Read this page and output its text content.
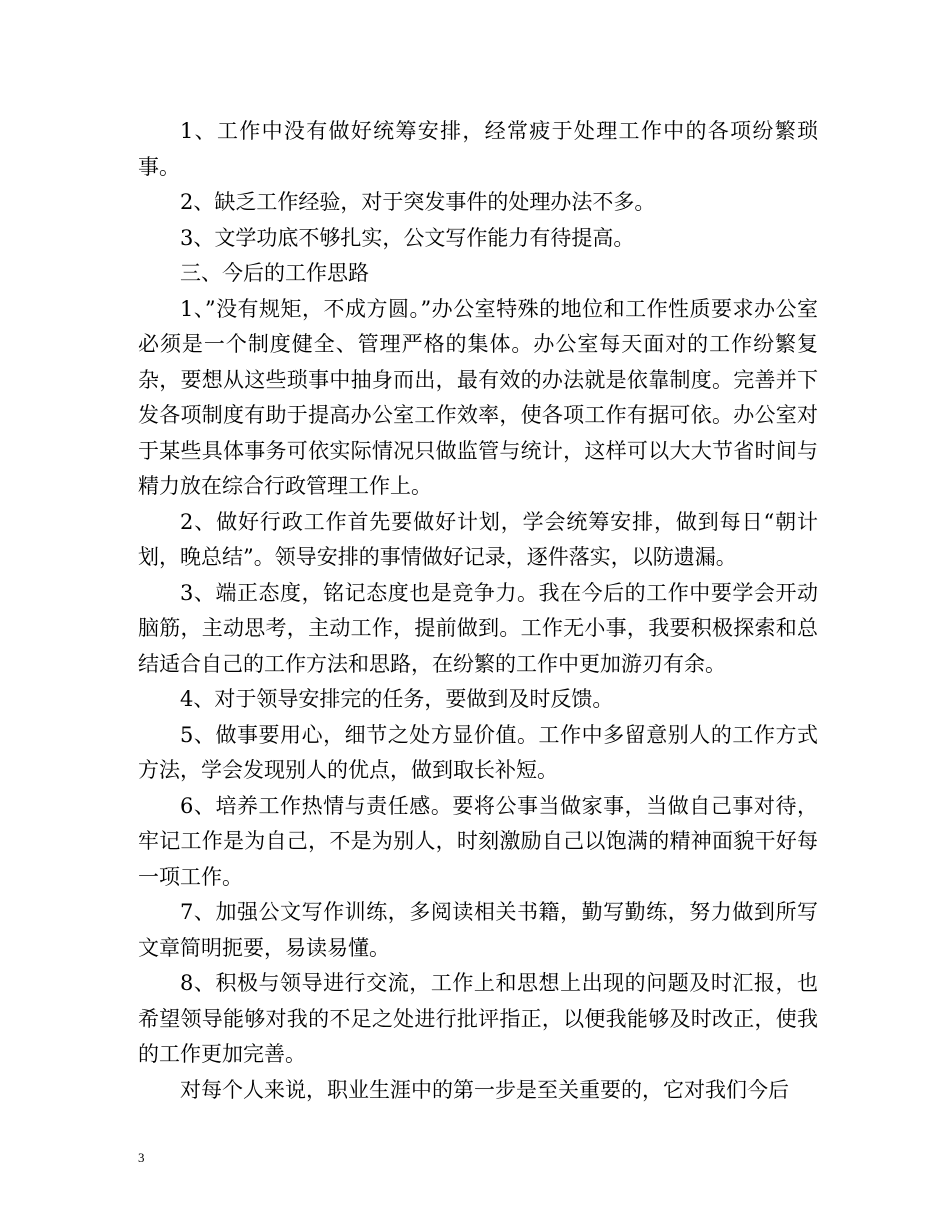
1、工作中没有做好统筹安排，经常疲于处理工作中的各项纷繁琐事。

2、缺乏工作经验，对于突发事件的处理办法不多。

3、文学功底不够扎实，公文写作能力有待提高。

三、今后的工作思路

1、”没有规矩，不成方圆。”办公室特殊的地位和工作性质要求办公室必须是一个制度健全、管理严格的集体。办公室每天面对的工作纷繁复杂，要想从这些琐事中抽身而出，最有效的办法就是依靠制度。完善并下发各项制度有助于提高办公室工作效率，使各项工作有据可依。办公室对于某些具体事务可依实际情况只做监管与统计，这样可以大大节省时间与精力放在综合行政管理工作上。

2、做好行政工作首先要做好计划，学会统筹安排，做到每日“朝计划，晚总结”。领导安排的事情做好记录，逐件落实，以防遗漏。

3、端正态度，铭记态度也是竞争力。我在今后的工作中要学会开动脑筋，主动思考，主动工作，提前做到。工作无小事，我要积极探索和总结适合自己的工作方法和思路，在纷繁的工作中更加游刃有余。

4、对于领导安排完的任务，要做到及时反馈。

5、做事要用心，细节之处方显价值。工作中多留意别人的工作方式方法，学会发现别人的优点，做到取长补短。

6、培养工作热情与责任感。要将公事当做家事，当做自己事对待，牢记工作是为自己，不是为别人，时刻激励自己以饱满的精神面貌干好每一项工作。

7、加强公文写作训练，多阅读相关书籍，勤写勤练，努力做到所写文章简明扼要，易读易懂。

8、积极与领导进行交流，工作上和思想上出现的问题及时汇报，也希望领导能够对我的不足之处进行批评指正，以便我能够及时改正，使我的工作更加完善。

对每个人来说，职业生涯中的第一步是至关重要的，它对我们今后

3
